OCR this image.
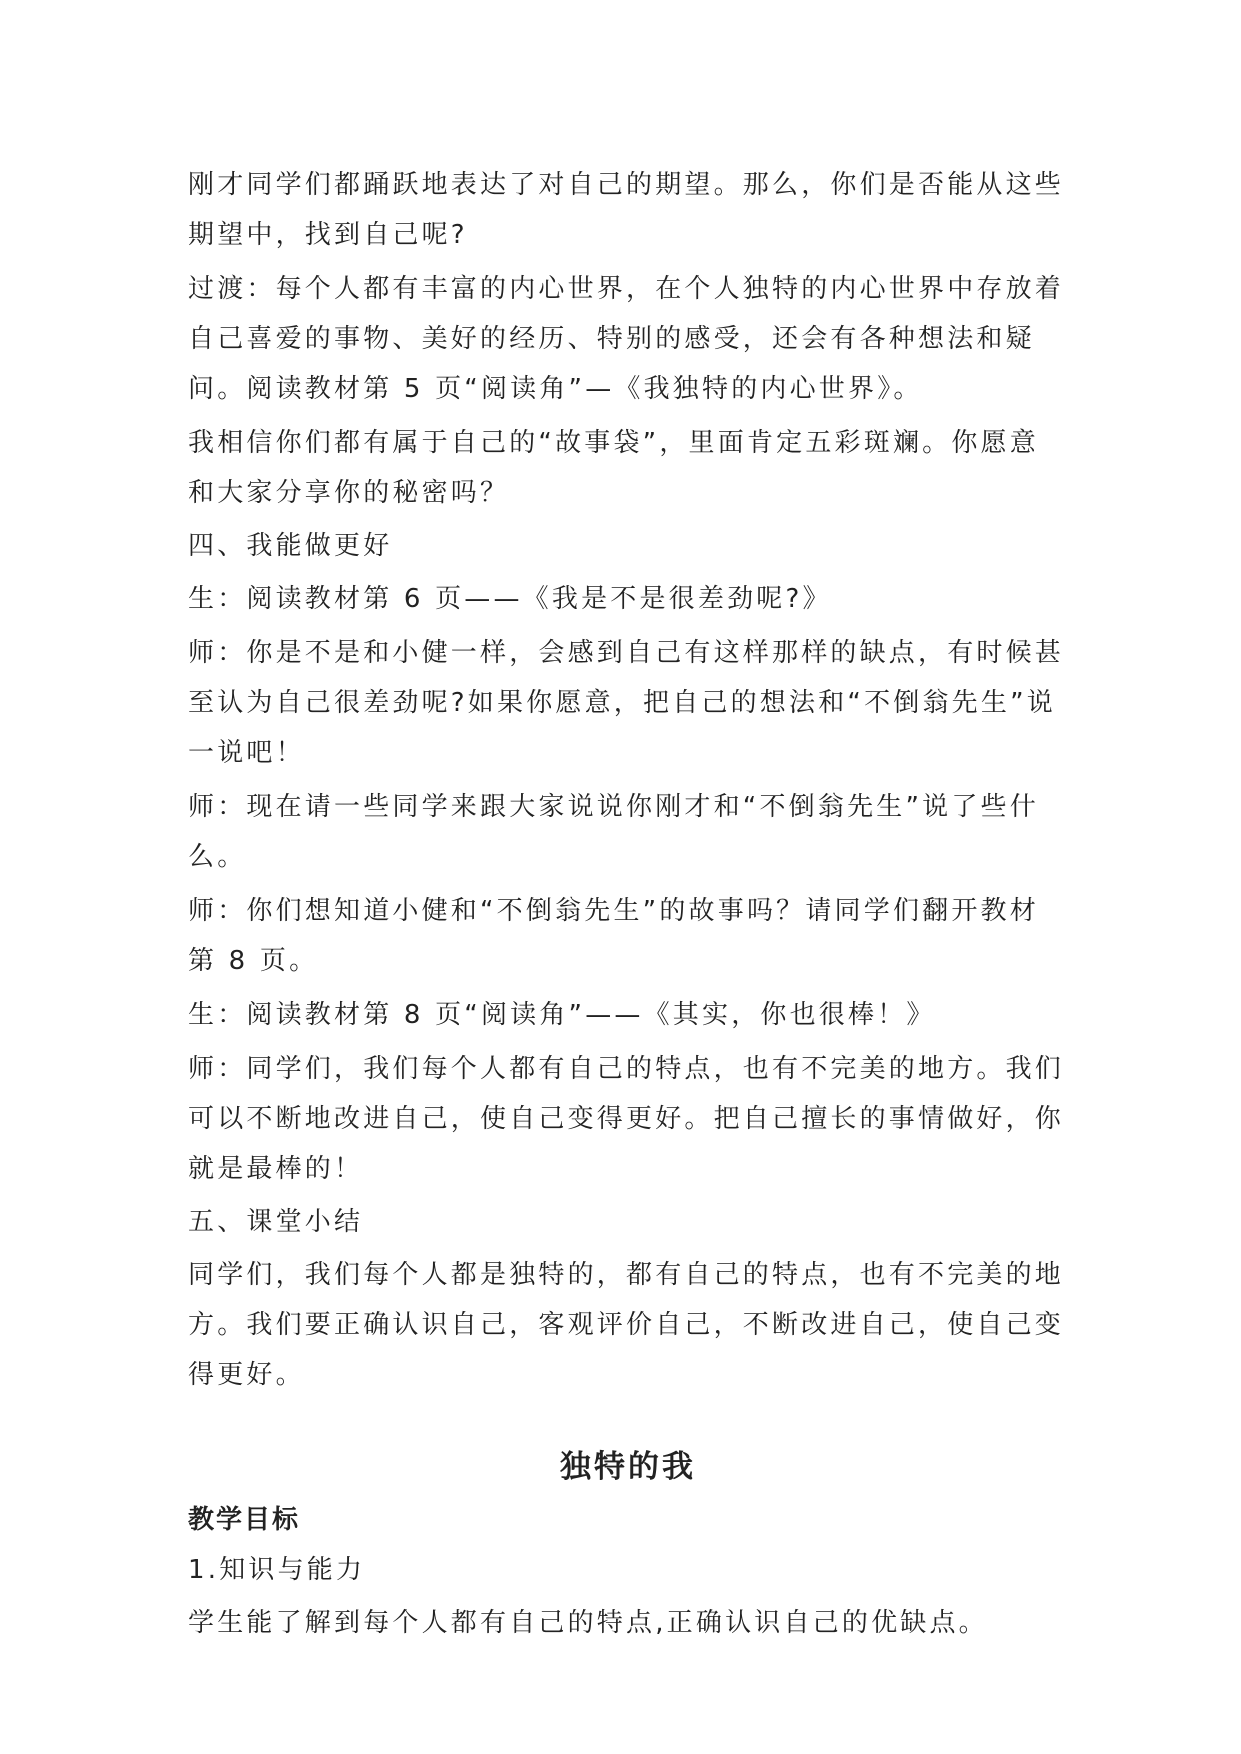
刚才同学们都踊跃地表达了对自己的期望。那么，你们是否能从这些期望中，找到自己呢?

过渡：每个人都有丰富的内心世界，在个人独特的内心世界中存放着自己喜爱的事物、美好的经历、特别的感受，还会有各种想法和疑问。阅读教材第 5 页“阅读角”—《我独特的内心世界》。

我相信你们都有属于自己的“故事袋”，里面肯定五彩斑斓。你愿意和大家分享你的秘密吗？

四、我能做更好

生：阅读教材第 6 页——《我是不是很差劲呢?》

师：你是不是和小健一样，会感到自己有这样那样的缺点，有时候甚至认为自己很差劲呢?如果你愿意，把自己的想法和“不倒翁先生”说一说吧！

师：现在请一些同学来跟大家说说你刚才和“不倒翁先生”说了些什么。

师：你们想知道小健和“不倒翁先生”的故事吗？请同学们翻开教材第 8 页。

生：阅读教材第 8 页“阅读角”——《其实，你也很棒！》

师：同学们，我们每个人都有自己的特点，也有不完美的地方。我们可以不断地改进自己，使自己变得更好。把自己擅长的事情做好，你就是最棒的！

五、课堂小结

同学们，我们每个人都是独特的，都有自己的特点，也有不完美的地方。我们要正确认识自己，客观评价自己，不断改进自己，使自己变得更好。

独特的我
教学目标

1.知识与能力

学生能了解到每个人都有自己的特点,正确认识自己的优缺点。
